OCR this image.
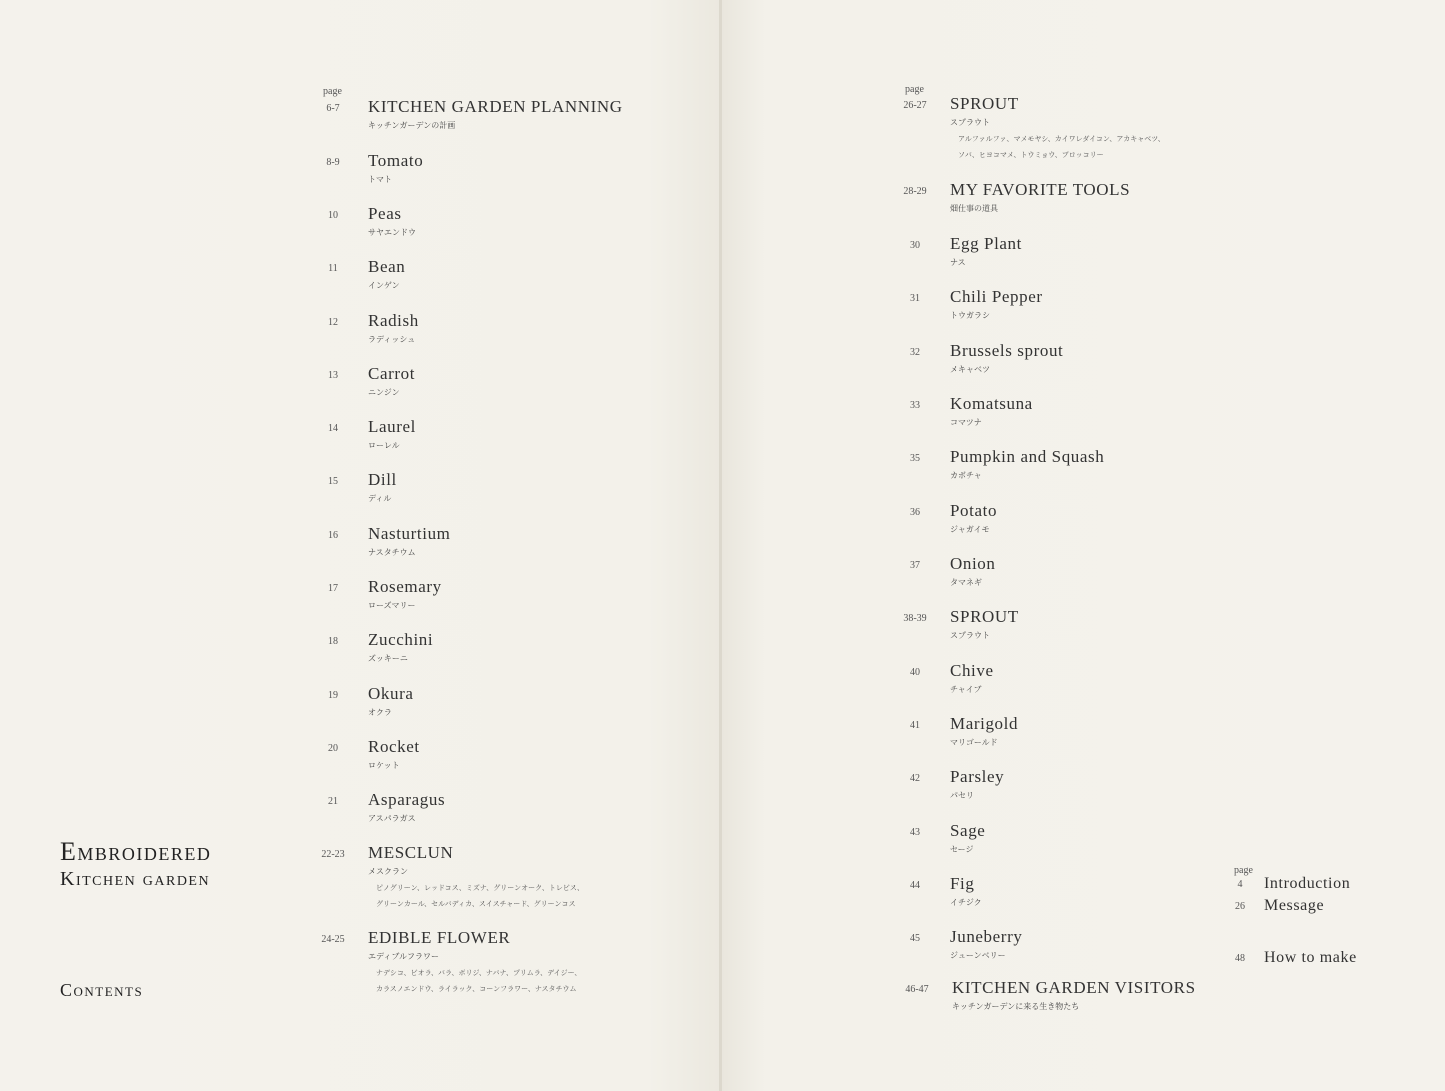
Embroidered
Kitchen garden
Contents
page	page
page
6-7	KITCHEN GARDEN PLANNING
キッチンガーデンの計画
8-9	Tomato
トマト
10	Peas
サヤエンドウ
11	Bean
インゲン
12	Radish
ラディッシュ
13	Carrot
ニンジン
14	Laurel
ローレル
15	Dill
ディル
16	Nasturtium
ナスタチウム
17	Rosemary
ローズマリー
18	Zucchini
ズッキーニ
19	Okura
オクラ
20	Rocket
ロケット
21	Asparagus
アスパラガス
22-23	MESCLUN
メスクラン
ピノグリーン、レッドコス、ミズナ、グリーンオーク、トレビス、
グリーンカール、セルバディカ、スイスチャード、グリーンコス
24-25	EDIBLE FLOWER
エディブルフラワー
ナデシコ、ビオラ、バラ、ボリジ、ナバナ、プリムラ、デイジー、
カラスノエンドウ、ライラック、コーンフラワー、ナスタチウム
26-27	SPROUT
スプラウト
アルファルファ、マメモヤシ、カイワレダイコン、アカキャベツ、
ソバ、ヒヨコマメ、トウミョウ、ブロッコリー
28-29	MY FAVORITE TOOLS
畑仕事の道具
30	Egg Plant
ナス
31	Chili Pepper
トウガラシ
32	Brussels sprout
メキャベツ
33	Komatsuna
コマツナ
35	Pumpkin and Squash
カボチャ
36	Potato
ジャガイモ
37	Onion
タマネギ
38-39	SPROUT
スプラウト
40	Chive
チャイブ
41	Marigold
マリゴールド
42	Parsley
パセリ
43	Sage
セージ
44	Fig
イチジク
45	Juneberry
ジューンベリー
46-47	KITCHEN GARDEN VISITORS
キッチンガーデンに来る生き物たち
4	Introduction
26	Message
48	How to make
